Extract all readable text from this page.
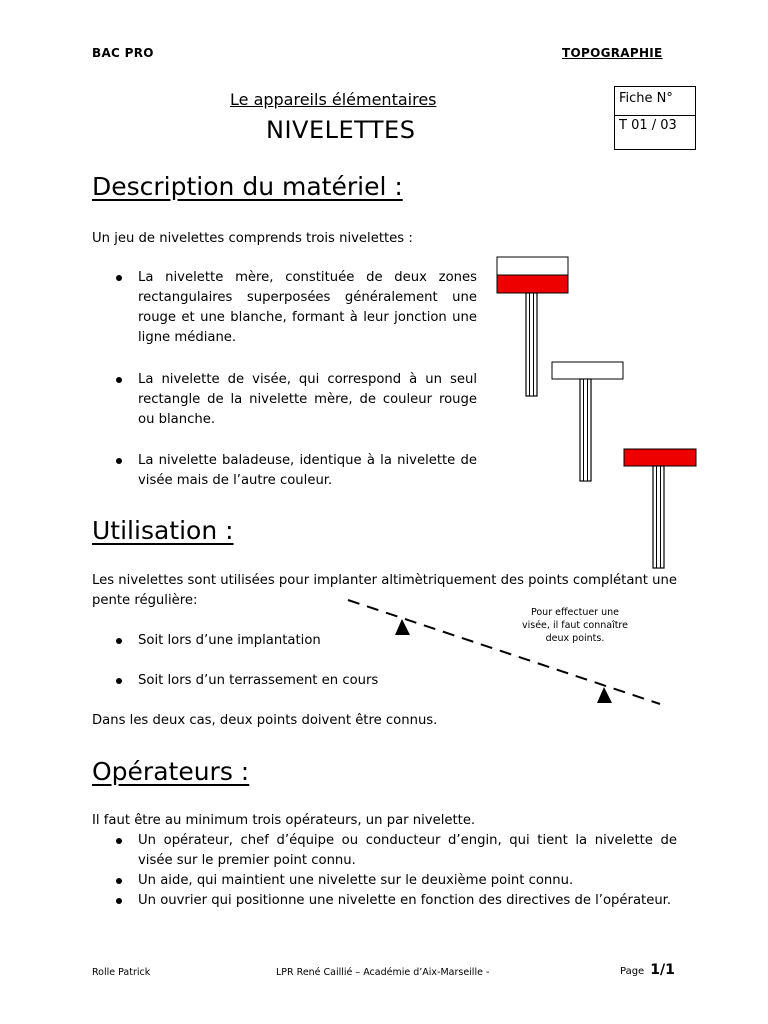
BAC PRO	TOPOGRAPHIE
Le appareils élémentaires
NIVELETTES
Fiche N°
T 01 / 03
Description du matériel :
Un jeu de nivelettes comprends trois nivelettes :
La nivelette mère, constituée de deux zones rectangulaires superposées généralement une rouge et une blanche, formant à leur jonction une ligne médiane.
La nivelette de visée, qui correspond à un seul rectangle de la nivelette mère, de couleur rouge ou blanche.
La nivelette baladeuse, identique à la nivelette de visée mais de l’autre couleur.
Utilisation :
Les nivelettes sont utilisées pour implanter altimètriquement des points complétant une pente régulière:
Soit lors d’une implantation
Soit lors d’un terrassement en cours
Dans les deux cas, deux points doivent être connus.
Pour effectuer une visée, il faut connaître deux points.
Opérateurs :
Il faut être au minimum trois opérateurs, un par nivelette.
Un opérateur, chef d’équipe ou conducteur d’engin, qui tient la nivelette de visée sur le premier point connu.
Un aide, qui maintient une nivelette sur le deuxième point connu.
Un ouvrier qui positionne une nivelette en fonction des directives de l’opérateur.
Rolle Patrick	LPR René Caillié – Académie d’Aix-Marseille -	Page 1/1
